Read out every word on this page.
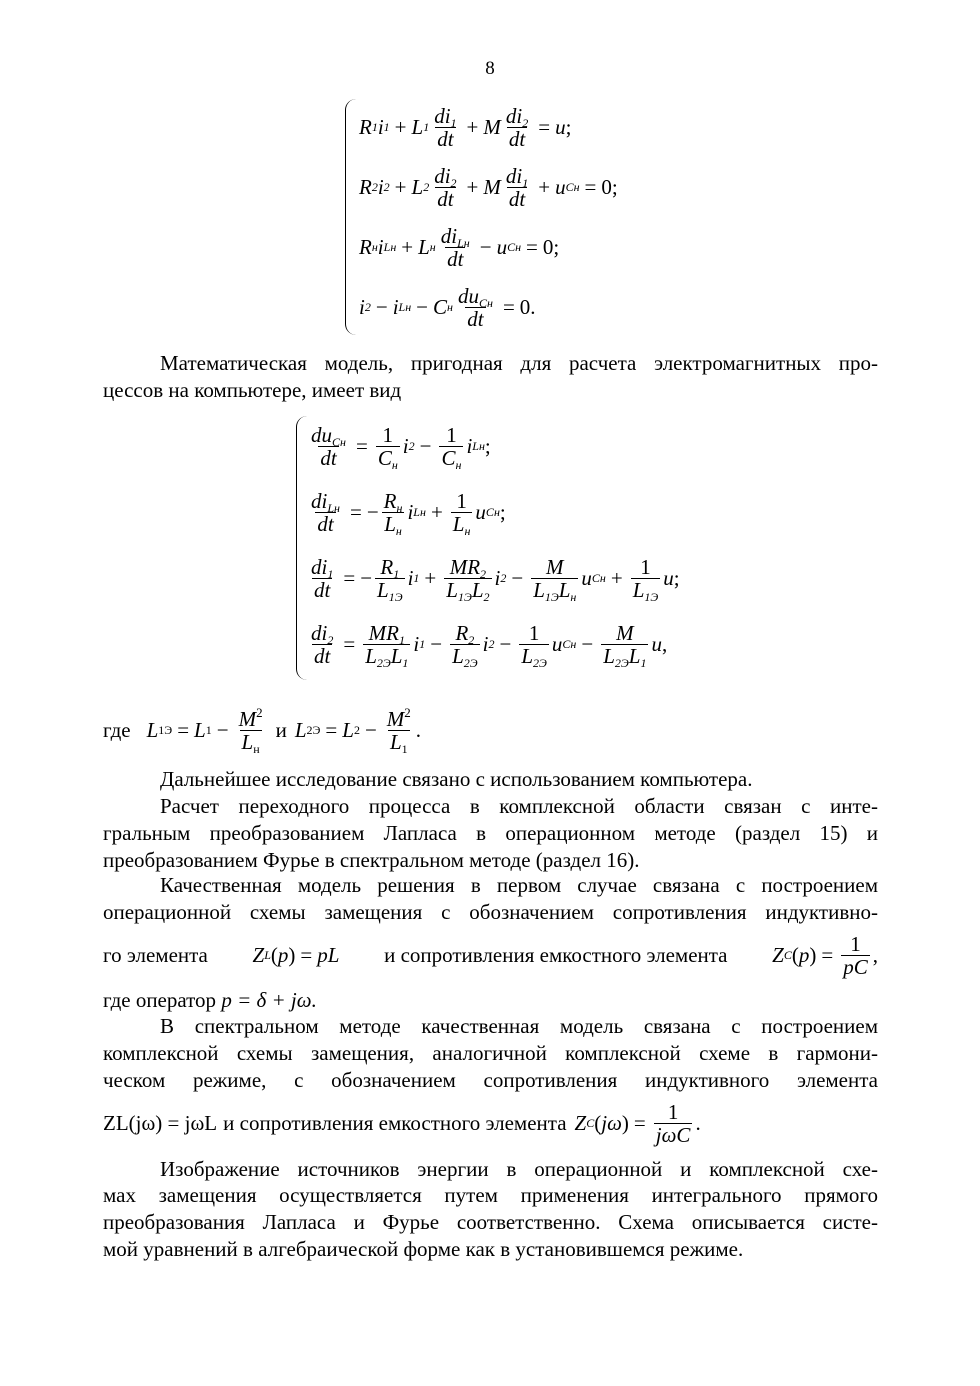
8
R 1 i 1 + L $1 \frac{di_1}{dt} + M \frac{di_2}{dt} = u$ ;
R 2 i 2 + L $2 \frac{di_2}{dt} + M \frac{di_1}{dt} + u$ C н = 0;
R н i L н + L н $\frac{di_{Lн}}{dt} - u$ C н = 0;
i 2 − i L н − C н $\frac{du_{Cн}}{dt} = 0$.
Математическая модель, пригодная для расчета электромагнитных про-
цессов на компьютере, имеет вид
$\frac{du_{Cн}}{dt} = \frac{1}{C_н}$ i $2 - \frac{1}{C_н}$ i L н ;
$\frac{di_{Lн}}{dt}$ = − $\frac{R_н}{L_н}$ i L $н + \frac{1}{L_н}$ u C н ;
$\frac{di_1}{dt}$ = − $\frac{R_1}{L_{1Э}}$ i $1 + \frac{MR_2}{L_{1Э}L_2}$ i $2 - \frac{M}{L_{1Э}L_н}$ u C $н + \frac{1}{L_{1Э}}$ u ;
$\frac{di_2}{dt} = \frac{MR_1}{L_{2Э}L_1}$ i $1 - \frac{R_2}{L_{2Э}}$ i $2 - \frac{1}{L_{2Э}}$ u C $н - \frac{M}{L_{2Э}L_1}$ u ,
где L 1Э = L $1 - \frac{M^2}{L_н}$ и L 2Э = L $2 - \frac{M^2}{L_1}$ .
Дальнейшее исследование связано с использованием компьютера.
Расчет переходного процесса в комплексной области связан с инте-
гральным преобразованием Лапласа в операционном методе (раздел 15) и
преобразованием Фурье в спектральном методе (раздел 16).
Качественная модель решения в первом случае связана с построением
операционной схемы замещения с обозначением сопротивления индуктивно-
го элемента Z L ( p ) = pL и сопротивления емкостного элемента Z C ( p ) = $\frac{1}{pC}$ ,
где оператор p = δ + jω.
В спектральном методе качественная модель связана с построением
комплексной схемы замещения, аналогичной комплексной схеме в гармони-
ческом режиме, с обозначением сопротивления индуктивного элемента
ZL(jω) = jωL и сопротивления емкостного элемента Z C ( jω ) = $\frac{1}{\text{jωC}}$ .
Изображение источников энергии в операционной и комплексной схе-
мах замещения осуществляется путем применения интегрального прямого
преобразования Лапласа и Фурье соответственно. Схема описывается систе-
мой уравнений в алгебраической форме как в установившемся режиме.
